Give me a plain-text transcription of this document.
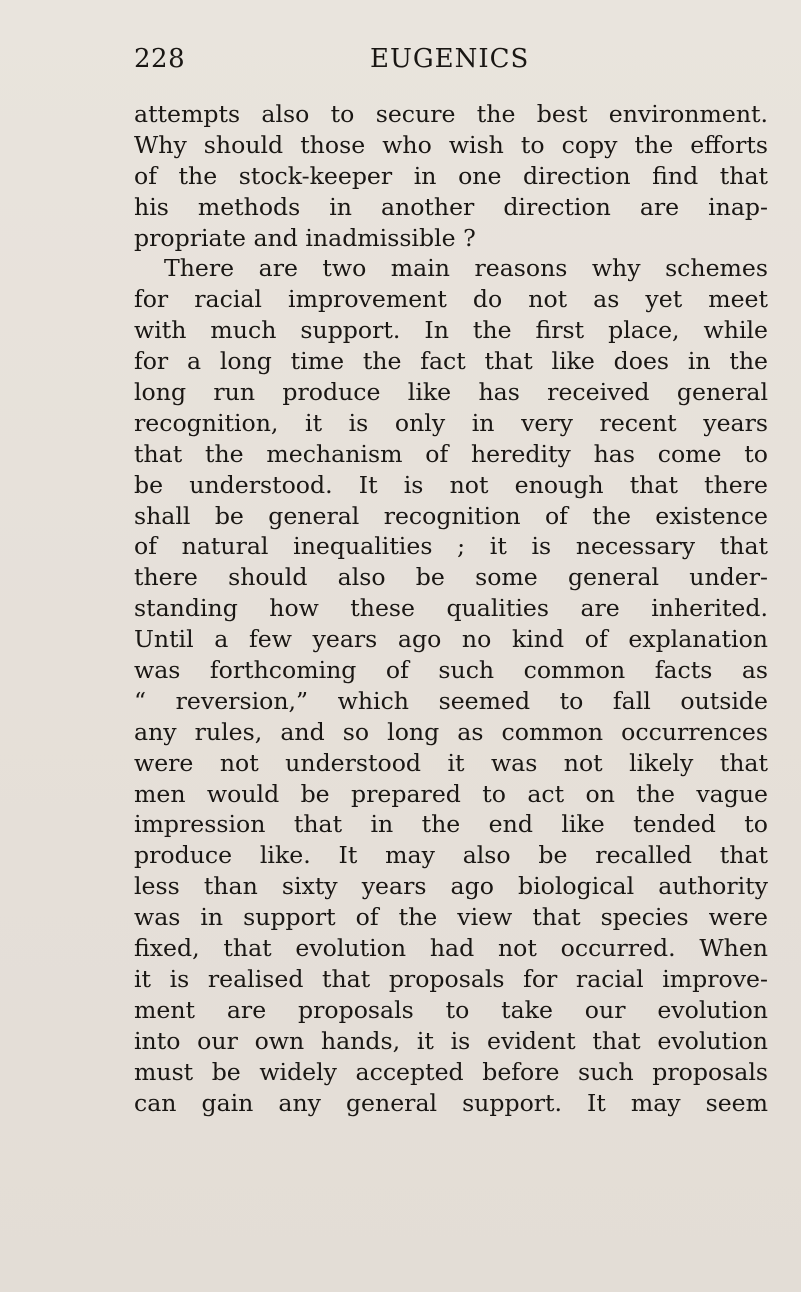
228	EUGENICS
attempts also to secure the best environment.
Why should those who wish to copy the efforts
of the stock-keeper in one direction find that
his methods in another direction are inap-
propriate and inadmissible ?
There are two main reasons why schemes
for racial improvement do not as yet meet
with much support. In the first place, while
for a long time the fact that like does in the
long run produce like has received general
recognition, it is only in very recent years
that the mechanism of heredity has come to
be understood. It is not enough that there
shall be general recognition of the existence
of natural inequalities ; it is necessary that
there should also be some general under-
standing how these qualities are inherited.
Until a few years ago no kind of explanation
was forthcoming of such common facts as
“ reversion,” which seemed to fall outside
any rules, and so long as common occurrences
were not understood it was not likely that
men would be prepared to act on the vague
impression that in the end like tended to
produce like. It may also be recalled that
less than sixty years ago biological authority
was in support of the view that species were
fixed, that evolution had not occurred. When
it is realised that proposals for racial improve-
ment are proposals to take our evolution
into our own hands, it is evident that evolution
must be widely accepted before such proposals
can gain any general support. It may seem
